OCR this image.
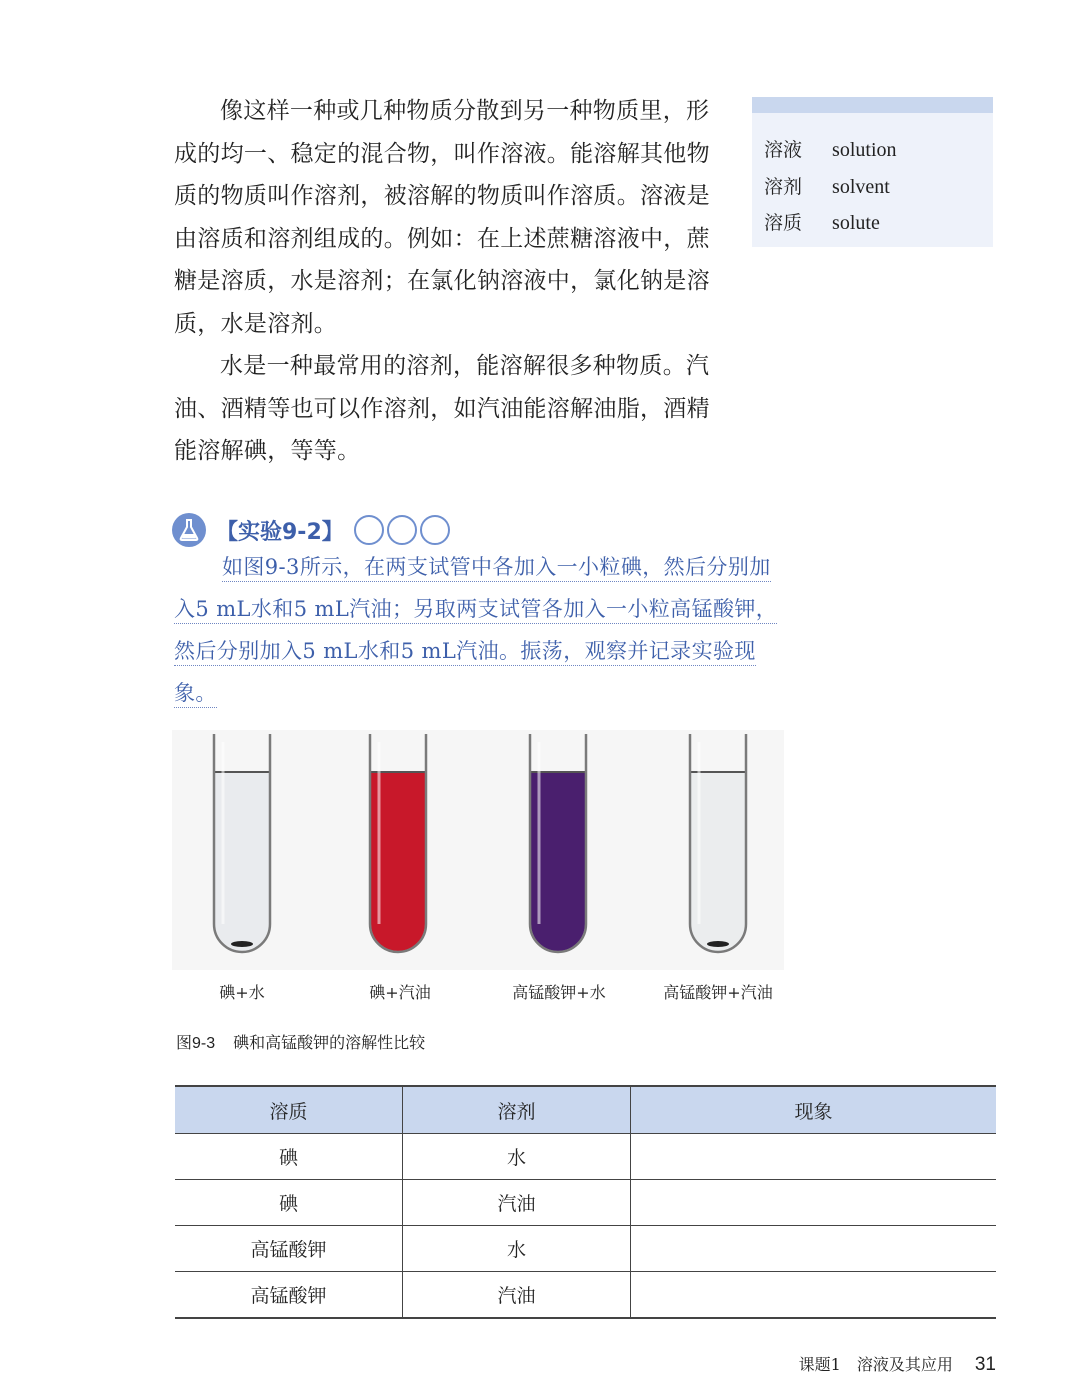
像这样一种或几种物质分散到另一种物质里，形成的均一、稳定的混合物，叫作溶液。能溶解其他物质的物质叫作溶剂，被溶解的物质叫作溶质。溶液是由溶质和溶剂组成的。例如：在上述蔗糖溶液中，蔗糖是溶质，水是溶剂；在氯化钠溶液中，氯化钠是溶质，水是溶剂。

水是一种最常用的溶剂，能溶解很多种物质。汽油、酒精等也可以作溶剂，如汽油能溶解油脂，酒精能溶解碘，等等。

溶液 solution
溶剂 solvent
溶质 solute
【实验9-2】

如图9-3所示，在两支试管中各加入一小粒碘，然后分别加入5 mL水和5 mL汽油；另取两支试管各加入一小粒高锰酸钾，然后分别加入5 mL水和5 mL汽油。振荡，观察并记录实验现象。

碘+水	碘+汽油	高锰酸钾+水	高锰酸钾+汽油
图9-3 碘和高锰酸钾的溶解性比较
溶质	溶剂	现象
碘	水	
碘	汽油	
高锰酸钾	水	
高锰酸钾	汽油	
课题1　溶液及其应用 31
